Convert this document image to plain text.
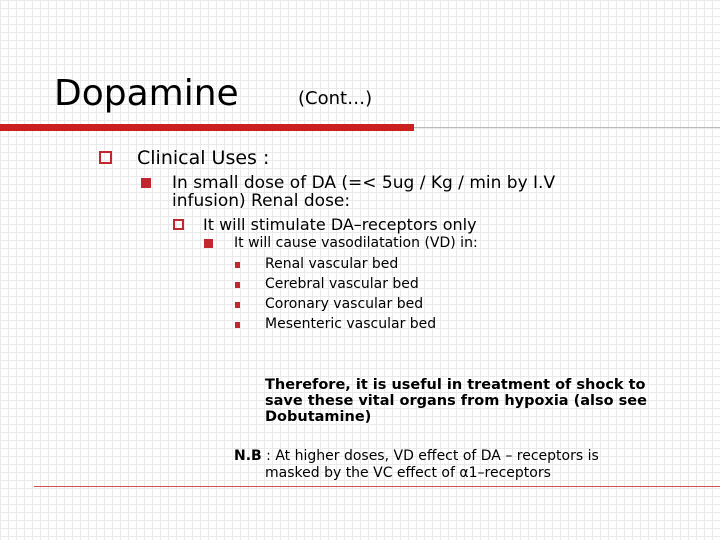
Dopamine	(Cont…)
Clinical Uses :
In small dose of DA (=< 5ug / Kg / min by I.V
infusion) Renal dose:
It will stimulate DA–receptors only
It will cause vasodilatation (VD) in:
Renal vascular bed
Cerebral vascular bed
Coronary vascular bed
Mesenteric vascular bed
Therefore, it is useful in treatment of shock to
save these vital organs from hypoxia (also see
Dobutamine)
N.B : At higher doses, VD effect of DA – receptors is
masked by the VC effect of α1–receptors
